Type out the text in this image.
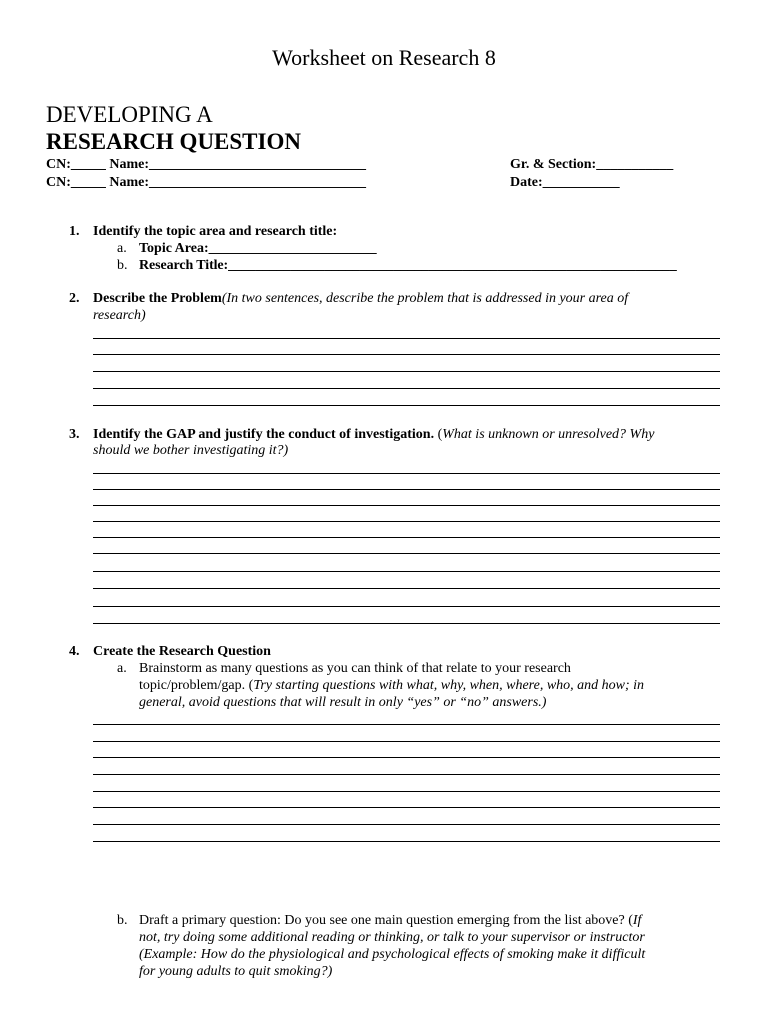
Worksheet on Research 8
DEVELOPING A
RESEARCH QUESTION
CN:_____ Name:_______________________________	Gr. & Section:___________
CN:_____ Name:_______________________________	Date:___________
1. Identify the topic area and research title:
a. Topic Area:________________________
b. Research Title:_________________________________________________________________
2. Describe the Problem(In two sentences, describe the problem that is addressed in your area of
research)
3. Identify the GAP and justify the conduct of investigation. (What is unknown or unresolved? Why
should we bother investigating it?)
4. Create the Research Question
a. Brainstorm as many questions as you can think of that relate to your research
topic/problem/gap. (Try starting questions with what, why, when, where, who, and how; in
general, avoid questions that will result in only “yes” or “no” answers.)
b. Draft a primary question: Do you see one main question emerging from the list above? (If
not, try doing some additional reading or thinking, or talk to your supervisor or instructor
(Example: How do the physiological and psychological effects of smoking make it difficult
for young adults to quit smoking?)
